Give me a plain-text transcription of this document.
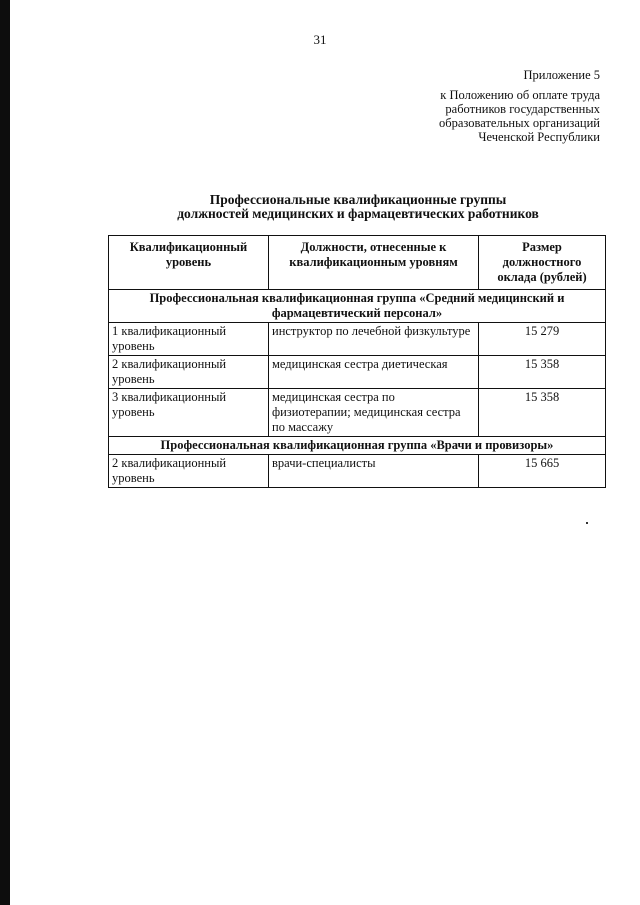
31
Приложение 5
к Положению об оплате труда
работников государственных
образовательных организаций
Чеченской Республики
Профессиональные квалификационные группы
должностей медицинских и фармацевтических работников
Квалификационный уровень	Должности, отнесенные к квалификационным уровням	Размер должностного оклада (рублей)
Профессиональная квалификационная группа «Средний медицинский и фармацевтический персонал»		
1 квалификационный уровень	инструктор по лечебной физкультуре	15 279
2 квалификационный уровень	медицинская сестра диетическая	15 358
3 квалификационный уровень	медицинская сестра по физиотерапии; медицинская сестра по массажу	15 358
Профессиональная квалификационная группа «Врачи и провизоры»		
2 квалификационный уровень	врачи-специалисты	15 665
